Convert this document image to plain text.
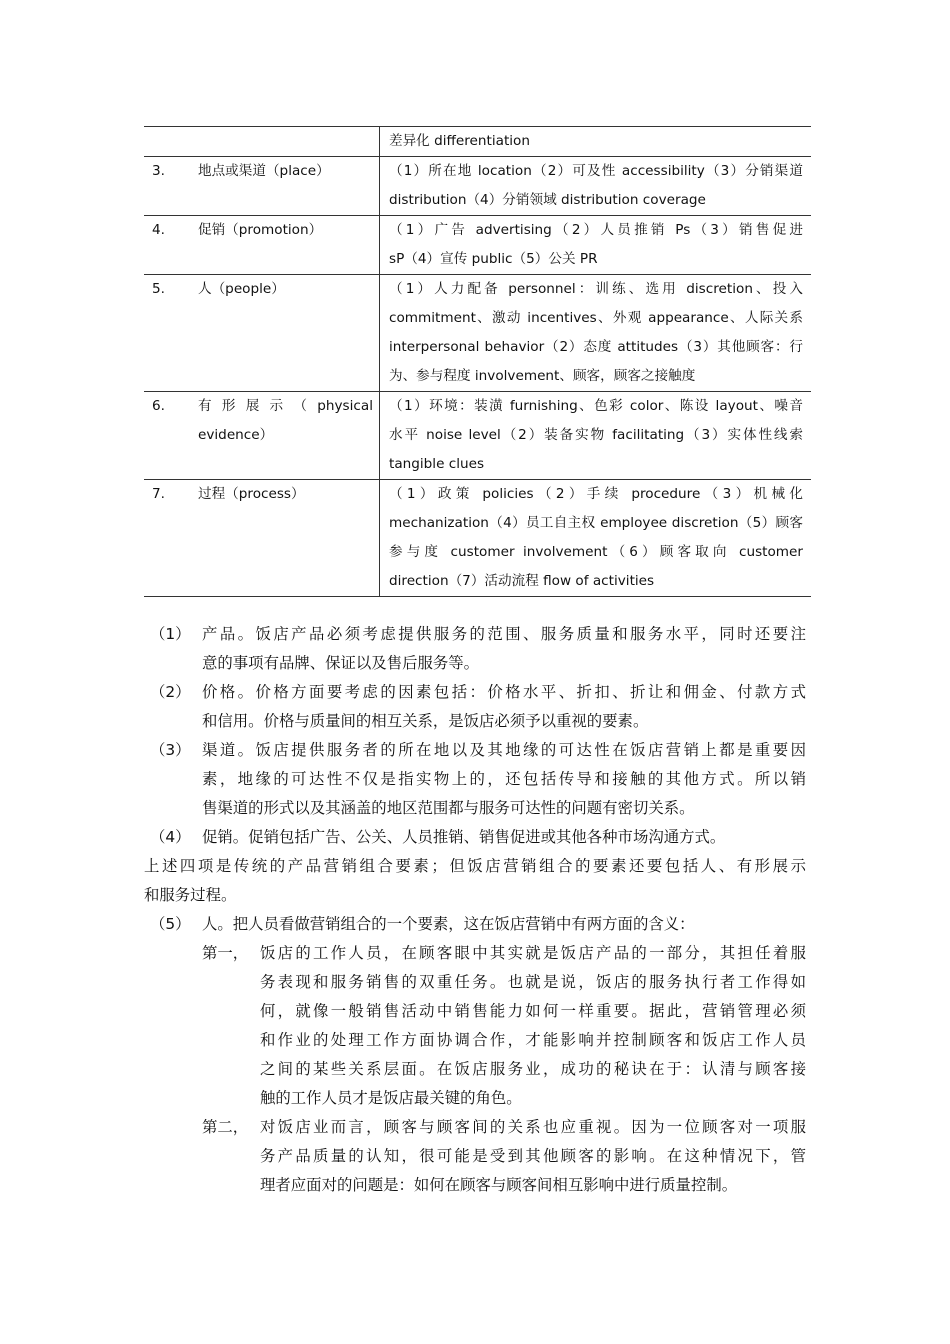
		差异化 differentiation

3.	地点或渠道（place）	（1）所在地 location（2）可及性 accessibility（3）分销渠道
distribution（4）分销领域 distribution coverage

4.	促销（promotion）	（1）广告 advertising（2）人员推销 Ps（3）销售促进
sP（4）宣传 public（5）公关 PR

5.	人（people）	（1）人力配备 personnel：训练、选用 discretion、投入
commitment、激动 incentives、外观 appearance、人际关系
interpersonal behavior（2）态度 attitudes（3）其他顾客：行
为、参与程度 involvement、顾客，顾客之接触度

6.	有形展示（physical
evidence）	（1）环境：装潢 furnishing、色彩 color、陈设 layout、噪音
水平 noise level（2）装备实物 facilitating（3）实体性线索
tangible clues

7.	过程（process）	（1）政策 policies（2）手续 procedure（3）机械化
mechanization（4）员工自主权 employee discretion（5）顾客
参与度 customer involvement（6）顾客取向 customer
direction（7）活动流程 flow of activities
（1） 产品。饭店产品必须考虑提供服务的范围、服务质量和服务水平，同时还要注
意的事项有品牌、保证以及售后服务等。
（2） 价格。价格方面要考虑的因素包括：价格水平、折扣、折让和佣金、付款方式
和信用。价格与质量间的相互关系，是饭店必须予以重视的要素。
（3） 渠道。饭店提供服务者的所在地以及其地缘的可达性在饭店营销上都是重要因
素，地缘的可达性不仅是指实物上的，还包括传导和接触的其他方式。所以销
售渠道的形式以及其涵盖的地区范围都与服务可达性的问题有密切关系。
（4） 促销。促销包括广告、公关、人员推销、销售促进或其他各种市场沟通方式。
上述四项是传统的产品营销组合要素；但饭店营销组合的要素还要包括人、有形展示
和服务过程。
（5） 人。把人员看做营销组合的一个要素，这在饭店营销中有两方面的含义：
第一， 饭店的工作人员，在顾客眼中其实就是饭店产品的一部分，其担任着服
务表现和服务销售的双重任务。也就是说，饭店的服务执行者工作得如
何，就像一般销售活动中销售能力如何一样重要。据此，营销管理必须
和作业的处理工作方面协调合作，才能影响并控制顾客和饭店工作人员
之间的某些关系层面。在饭店服务业，成功的秘诀在于：认清与顾客接
触的工作人员才是饭店最关键的角色。
第二， 对饭店业而言，顾客与顾客间的关系也应重视。因为一位顾客对一项服
务产品质量的认知，很可能是受到其他顾客的影响。在这种情况下，管
理者应面对的问题是：如何在顾客与顾客间相互影响中进行质量控制。
